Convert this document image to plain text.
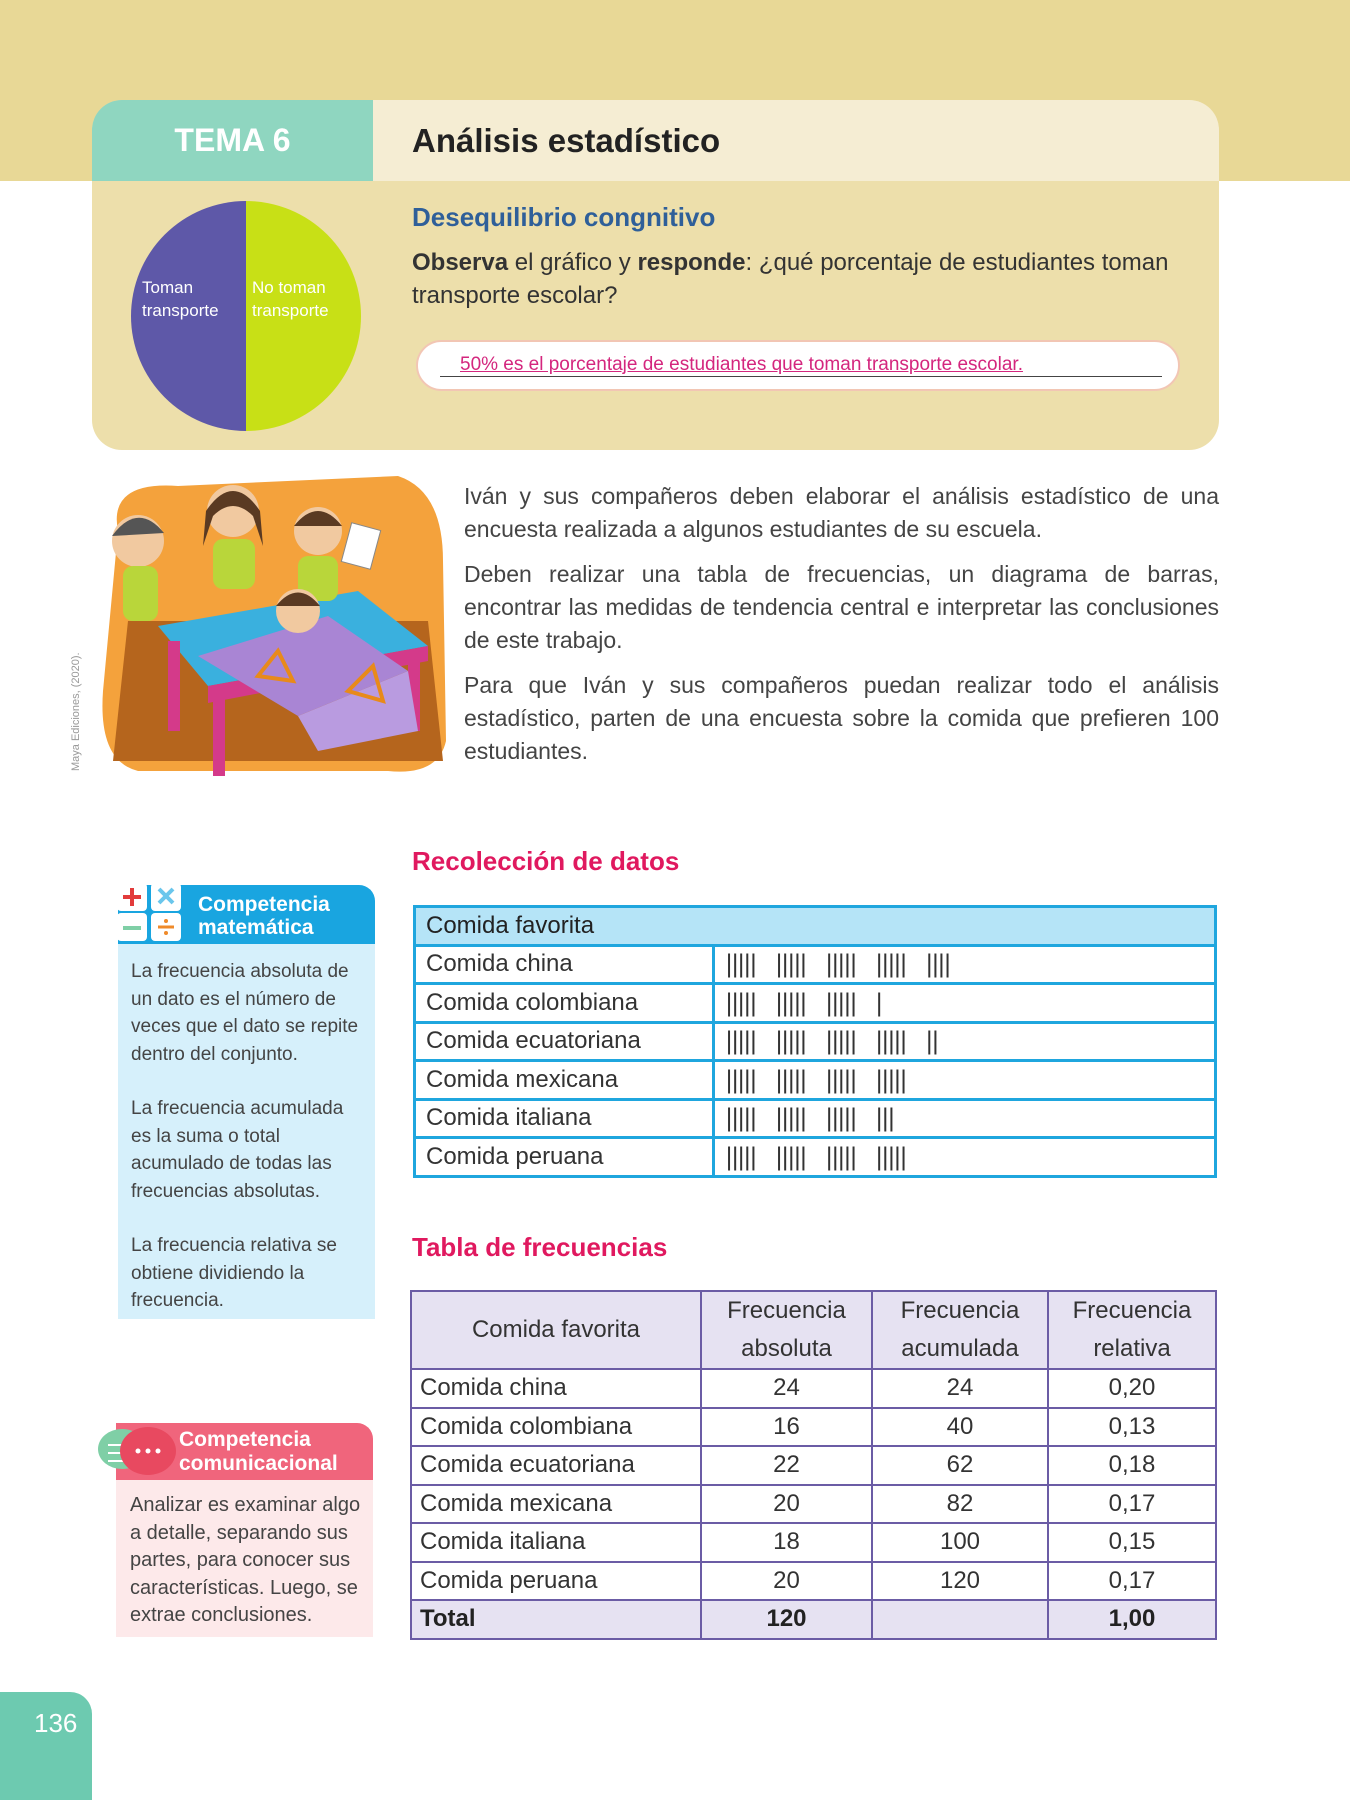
TEMA 6	Análisis estadístico
Toman
transporte
No toman
transporte
Desequilibrio congnitivo
Observa el gráfico y responde: ¿qué porcentaje de estudiantes toman transporte escolar?
50% es el porcentaje de estudiantes que toman transporte escolar.
Maya Ediciones, (2020).

Iván y sus compañeros deben elaborar el análisis estadístico de una encuesta realizada a algunos estudiantes de su escuela.

Deben realizar una tabla de frecuencias, un diagrama de barras, encontrar las medidas de tendencia central e interpretar las conclusiones de este trabajo.

Para que Iván y sus compañeros puedan realizar todo el análisis estadístico, parten de una encuesta sobre la comida que prefieren 100 estudiantes.

Recolección de datos
Comida favorita	
Comida china	||||| ||||| ||||| ||||| ||||
Comida colombiana	||||| ||||| ||||| |
Comida ecuatoriana	||||| ||||| ||||| ||||| ||
Comida mexicana	||||| ||||| ||||| |||||
Comida italiana	||||| ||||| ||||| |||
Comida peruana	||||| ||||| ||||| |||||
Tabla de frecuencias
Comida favorita	Frecuencia absoluta	Frecuencia acumulada	Frecuencia relativa
Comida china	24	24	0,20
Comida colombiana	16	40	0,13
Comida ecuatoriana	22	62	0,18
Comida mexicana	20	82	0,17
Comida italiana	18	100	0,15
Comida peruana	20	120	0,17
Total	120		1,00
Competencia
matemática

La frecuencia absoluta de un dato es el número de veces que el dato se repite dentro del conjunto.

La frecuencia acumulada es la suma o total acumulado de todas las frecuencias absolutas.

La frecuencia relativa se obtiene dividiendo la frecuencia.

Competencia
comunicacional
Analizar es examinar algo a detalle, separando sus partes, para conocer sus características. Luego, se extrae conclusiones.
136
